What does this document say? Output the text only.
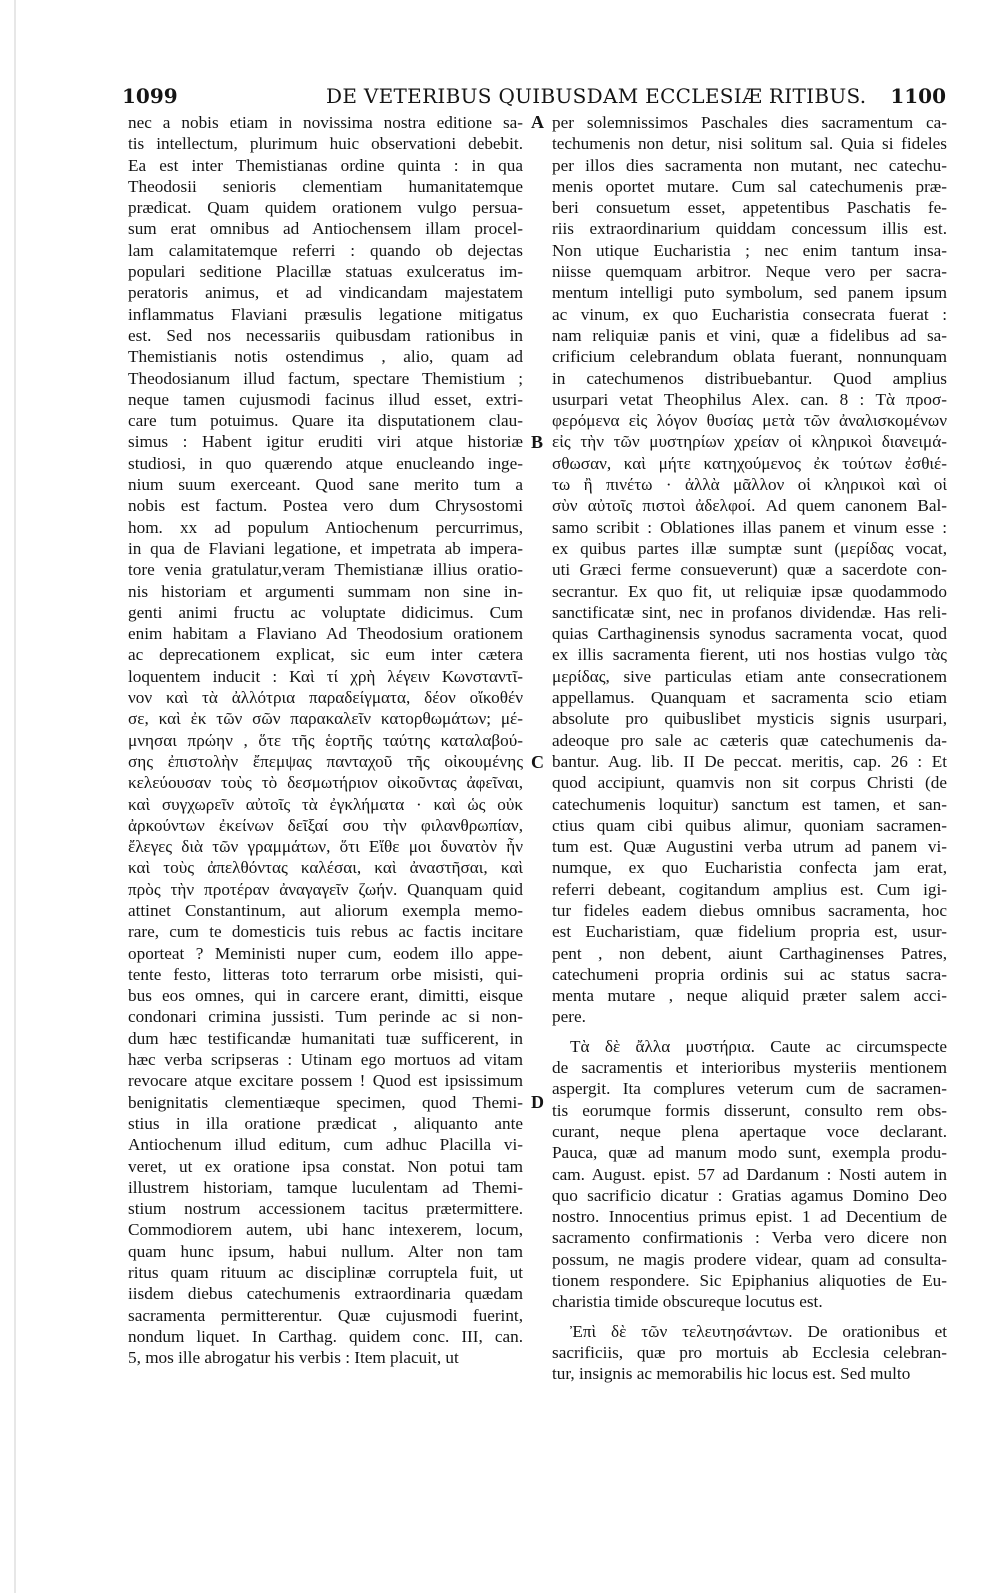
1099	DE VETERIBUS QUIBUSDAM ECCLESIÆ RITIBUS. 1100
nec a nobis etiam in novissima nostra editione sa-
tis intellectum, plurimum huic observationi debebit.
Ea est inter Themistianas ordine quinta : in qua
Theodosii senioris clementiam humanitatemque
prædicat. Quam quidem orationem vulgo persua-
sum erat omnibus ad Antiochensem illam procel-
lam calamitatemque referri : quando ob dejectas
populari seditione Placillæ statuas exulceratus im-
peratoris animus, et ad vindicandam majestatem
inflammatus Flaviani præsulis legatione mitigatus
est. Sed nos necessariis quibusdam rationibus in
Themistianis notis ostendimus , alio, quam ad
Theodosianum illud factum, spectare Themistium ;
neque tamen cujusmodi facinus illud esset, extri-
care tum potuimus. Quare ita disputationem clau-
simus : Habent igitur eruditi viri atque historiæ
studiosi, in quo quærendo atque enucleando inge-
nium suum exerceant. Quod sane merito tum a
nobis est factum. Postea vero dum Chrysostomi
hom. xx ad populum Antiochenum percurrimus,
in qua de Flaviani legatione, et impetrata ab impera-
tore venia gratulatur,veram Themistianæ illius oratio-
nis historiam et argumenti summam non sine in-
genti animi fructu ac voluptate didicimus. Cum
enim habitam a Flaviano Ad Theodosium orationem
ac deprecationem explicat, sic eum inter cætera
loquentem inducit : Καὶ τί χρὴ λέγειν Κωνσταντῖ-
νον καὶ τὰ ἀλλότρια παραδείγματα, δέον οἴκοθέν
σε, καὶ ἐκ τῶν σῶν παρακαλεῖν κατορθωμάτων; μέ-
μνησαι πρώην , ὅτε τῆς ἑορτῆς ταύτης καταλαβού-
σης ἐπιστολὴν ἔπεμψας πανταχοῦ τῆς οἰκουμένης
κελεύουσαν τοὺς τὸ δεσμωτήριον οἰκοῦντας ἀφεῖναι,
καὶ συγχωρεῖν αὐτοῖς τὰ ἐγκλήματα · καὶ ὡς οὐκ
ἀρκούντων ἐκείνων δεῖξαί σου τὴν φιλανθρωπίαν,
ἔλεγες διὰ τῶν γραμμάτων, ὅτι Εἴθε μοι δυνατὸν ἦν
καὶ τοὺς ἀπελθόντας καλέσαι, καὶ ἀναστῆσαι, καὶ
πρὸς τὴν προτέραν ἀναγαγεῖν ζωήν. Quanquam quid
attinet Constantinum, aut aliorum exempla memo-
rare, cum te domesticis tuis rebus ac factis incitare
oporteat ? Meministi nuper cum, eodem illo appe-
tente festo, litteras toto terrarum orbe misisti, qui-
bus eos omnes, qui in carcere erant, dimitti, eisque
condonari crimina jussisti. Tum perinde ac si non-
dum hæc testificandæ humanitati tuæ sufficerent, in
hæc verba scripseras : Utinam ego mortuos ad vitam
revocare atque excitare possem ! Quod est ipsissimum
benignitatis clementiæque specimen, quod Themi-
stius in illa oratione prædicat , aliquanto ante
Antiochenum illud editum, cum adhuc Placilla vi-
veret, ut ex oratione ipsa constat. Non potui tam
illustrem historiam, tamque luculentam ad Themi-
stium nostrum accessionem tacitus prætermittere.
Commodiorem autem, ubi hanc intexerem, locum,
quam hunc ipsum, habui nullum. Alter non tam
ritus quam rituum ac disciplinæ corruptela fuit, ut
iisdem diebus catechumenis extraordinaria quædam
sacramenta permitterentur. Quæ cujusmodi fuerint,
nondum liquet. In Carthag. quidem conc. III, can.
5, mos ille abrogatur his verbis : Item placuit, ut
per solemnissimos Paschales dies sacramentum ca-
techumenis non detur, nisi solitum sal. Quia si fideles
per illos dies sacramenta non mutant, nec catechu-
menis oportet mutare. Cum sal catechumenis præ-
beri consuetum esset, appetentibus Paschatis fe-
riis extraordinarium quiddam concessum illis est.
Non utique Eucharistia ; nec enim tantum insa-
niisse quemquam arbitror. Neque vero per sacra-
mentum intelligi puto symbolum, sed panem ipsum
ac vinum, ex quo Eucharistia consecrata fuerat :
nam reliquiæ panis et vini, quæ a fidelibus ad sa-
crificium celebrandum oblata fuerant, nonnunquam
in catechumenos distribuebantur. Quod amplius
usurpari vetat Theophilus Alex. can. 8 : Τὰ προσ-
φερόμενα εἰς λόγον θυσίας μετὰ τῶν ἀναλισκομένων
εἰς τὴν τῶν μυστηρίων χρείαν οἱ κληρικοὶ διανειμά-
σθωσαν, καὶ μήτε κατηχούμενος ἐκ τούτων ἐσθιέ-
τω ἢ πινέτω · ἀλλὰ μᾶλλον οἱ κληρικοὶ καὶ οἱ
σὺν αὐτοῖς πιστοὶ ἀδελφοί. Ad quem canonem Bal-
samo scribit : Oblationes illas panem et vinum esse :
ex quibus partes illæ sumptæ sunt (μερίδας vocat,
uti Græci ferme consueverunt) quæ a sacerdote con-
secrantur. Ex quo fit, ut reliquiæ ipsæ quodammodo
sanctificatæ sint, nec in profanos dividendæ. Has reli-
quias Carthaginensis synodus sacramenta vocat, quod
ex illis sacramenta fierent, uti nos hostias vulgo τὰς
μερίδας, sive particulas etiam ante consecrationem
appellamus. Quanquam et sacramenta scio etiam
absolute pro quibuslibet mysticis signis usurpari,
adeoque pro sale ac cæteris quæ catechumenis da-
bantur. Aug. lib. II De peccat. meritis, cap. 26 : Et
quod accipiunt, quamvis non sit corpus Christi (de
catechumenis loquitur) sanctum est tamen, et san-
ctius quam cibi quibus alimur, quoniam sacramen-
tum est. Quæ Augustini verba utrum ad panem vi-
numque, ex quo Eucharistia confecta jam erat,
referri debeant, cogitandum amplius est. Cum igi-
tur fideles eadem diebus omnibus sacramenta, hoc
est Eucharistiam, quæ fidelium propria est, usur-
pent , non debent, aiunt Carthaginenses Patres,
catechumeni propria ordinis sui ac status sacra-
menta mutare , neque aliquid præter salem acci-
pere.
Τὰ δὲ ἄλλα μυστήρια. Caute ac circumspecte
de sacramentis et interioribus mysteriis mentionem
aspergit. Ita complures veterum cum de sacramen-
tis eorumque formis disserunt, consulto rem obs-
curant, neque plena apertaque voce declarant.
Pauca, quæ ad manum modo sunt, exempla produ-
cam. August. epist. 57 ad Dardanum : Nosti autem in
quo sacrificio dicatur : Gratias agamus Domino Deo
nostro. Innocentius primus epist. 1 ad Decentium de
sacramento confirmationis : Verba vero dicere non
possum, ne magis prodere videar, quam ad consulta-
tionem respondere. Sic Epiphanius aliquoties de Eu-
charistia timide obscureque locutus est.
Ἐπὶ δὲ τῶν τελευτησάντων. De orationibus et
sacrificiis, quæ pro mortuis ab Ecclesia celebran-
tur, insignis ac memorabilis hic locus est. Sed multo
A
B
C
D
